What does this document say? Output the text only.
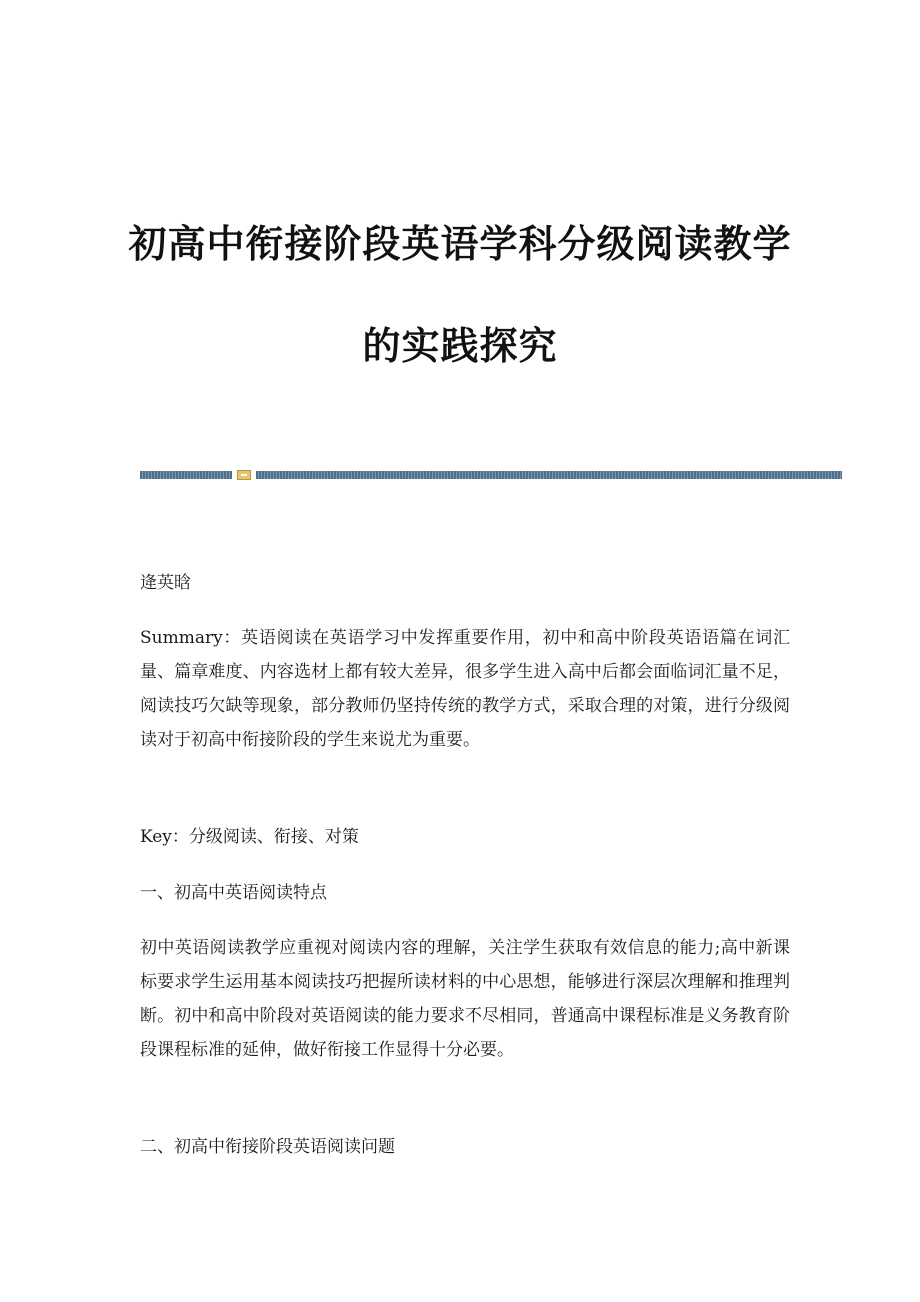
初高中衔接阶段英语学科分级阅读教学
的实践探究

逄英晗

Summary：英语阅读在英语学习中发挥重要作用，初中和高中阶段英语语篇在词汇量、篇章难度、内容选材上都有较大差异，很多学生进入高中后都会面临词汇量不足，阅读技巧欠缺等现象，部分教师仍坚持传统的教学方式，采取合理的对策，进行分级阅读对于初高中衔接阶段的学生来说尤为重要。

Key：分级阅读、衔接、对策

一、初高中英语阅读特点

初中英语阅读教学应重视对阅读内容的理解，关注学生获取有效信息的能力;高中新课标要求学生运用基本阅读技巧把握所读材料的中心思想，能够进行深层次理解和推理判断。初中和高中阶段对英语阅读的能力要求不尽相同，普通高中课程标准是义务教育阶段课程标准的延伸，做好衔接工作显得十分必要。

二、初高中衔接阶段英语阅读问题
